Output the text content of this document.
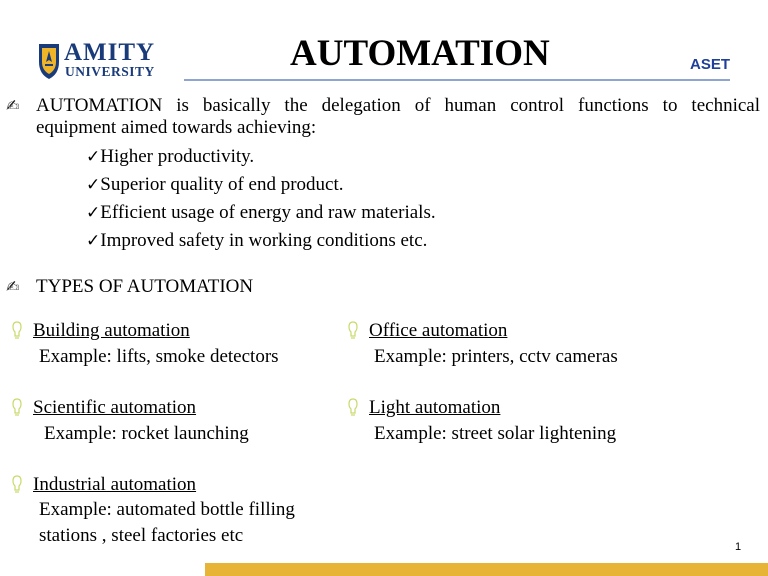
AMITY
UNIVERSITY	AUTOMATION	ASET
✍ AUTOMATION is basically the delegation of human control functions to technical
equipment aimed towards achieving:
✓Higher productivity.
✓Superior quality of end product.
✓Efficient usage of energy and raw materials.
✓Improved safety in working conditions etc.
✍ TYPES OF AUTOMATION
Building automation
Example: lifts, smoke detectors
Office automation
Example: printers, cctv cameras
Scientific automation
Example: rocket launching
Light automation
Example: street solar lightening
Industrial automation
Example: automated bottle filling
stations , steel factories etc
1
